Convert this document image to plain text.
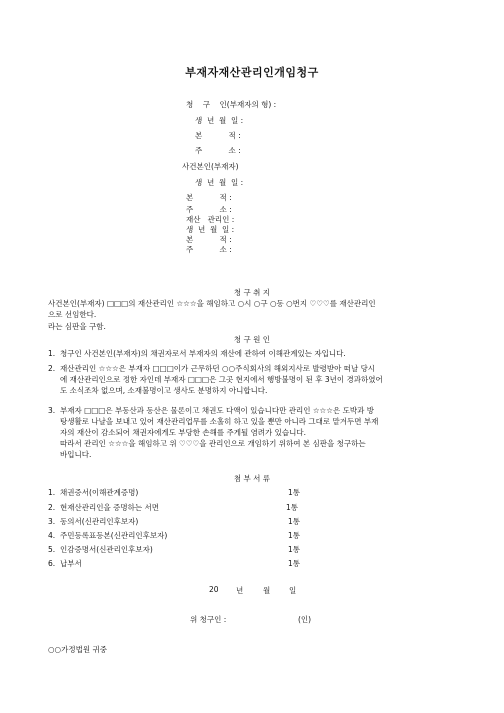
부재자재산관리인개임청구
청    구    인(부재자의 형) :
생  년  월  일 :
본           적 :
주           소 :
사건본인(부재자)
생  년  월  일 :
본           적 :
주           소 :
재산   관리인 :
생  년  월  일 :
본           적 :
주           소 :
청 구 취 지
사건본인(부재자) □□□의 재산관리인 ☆☆☆을 해임하고 ○시 ○구 ○동 ○번지 ♡♡♡를 재산관리인
으로 선임한다.
라는 심판을 구함.
청 구 원 인
1. 청구인 사건본인(부재자)의 채권자로서 부재자의 재산에 관하여 이해관계있는 자입니다.
2. 재산관리인 ☆☆☆은 부재자 □□□이가 근무하던 ○○주식회사의 해외지사로 발령받아 떠날 당시
에 재산관리인으로 정한 자인데 부재자 □□□은 그곳 현지에서 행방불명이 된 후 3년이 경과하였어
도 소식조차 없으며, 소재불명이고 생사도 분명하지 아니합니다.
3. 부재자 □□□은 부동산과 동산은 물론이고 채권도 다액이 있습니다만 관리인 ☆☆☆은 도박과 방
탕생활로 나날을 보내고 있어 재산관리업무를 소홀히 하고 있을 뿐만 아니라 그대로 맡겨두면 부재
자의 재산이 감소되어 채권자에게도 부당한 손해를 주게될 염려가 있습니다.
따라서 관리인 ☆☆☆을 해임하고 위 ♡♡♡을 관리인으로 개임하기 위하여 본 심판을 청구하는
바입니다.
첨 부 서 류
1. 채권증서(이해관계증명)	1통
2. 현재산관리인을 증명하는 서면	1통
3. 동의서(신관리인후보자)	1통
4. 주민등록표등본(신관리인후보자)	1통
5. 인감증명서(신관리인후보자)	1통
6. 납부서	1통
20 년	월	일
위 청구인 :	(인)
○○가정법원 귀중
